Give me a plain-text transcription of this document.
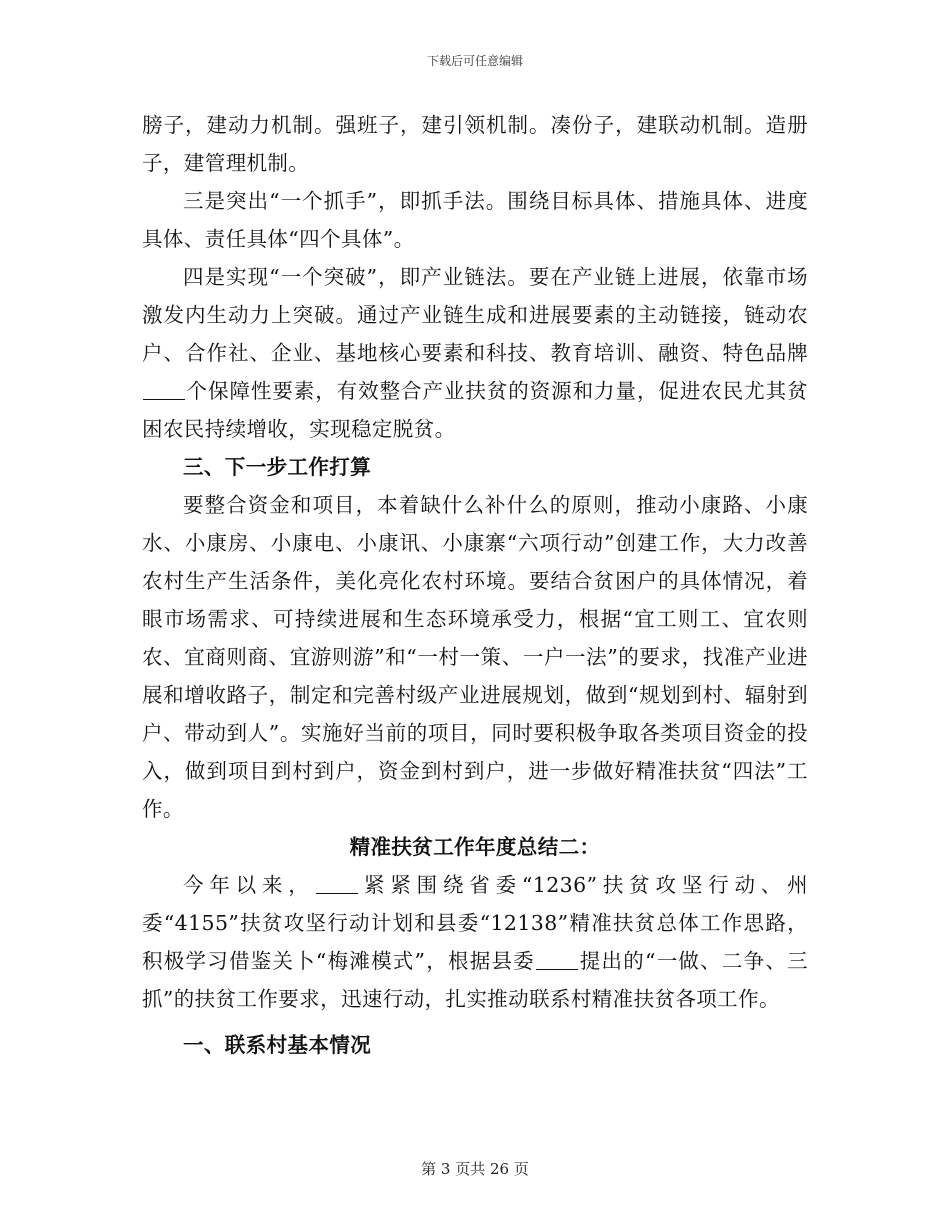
下载后可任意编辑

膀子，建动力机制。强班子，建引领机制。凑份子，建联动机制。造册子，建管理机制。

三是突出“一个抓手”，即抓手法。围绕目标具体、措施具体、进度具体、责任具体“四个具体”。

四是实现“一个突破”，即产业链法。要在产业链上进展，依靠市场激发内生动力上突破。通过产业链生成和进展要素的主动链接，链动农户、合作社、企业、基地核心要素和科技、教育培训、融资、特色品牌个保障性要素，有效整合产业扶贫的资源和力量，促进农民尤其贫困农民持续增收，实现稳定脱贫。

三、下一步工作打算

要整合资金和项目，本着缺什么补什么的原则，推动小康路、小康水、小康房、小康电、小康讯、小康寨“六项行动”创建工作，大力改善农村生产生活条件，美化亮化农村环境。要结合贫困户的具体情况，着眼市场需求、可持续进展和生态环境承受力，根据“宜工则工、宜农则农、宜商则商、宜游则游”和“一村一策、一户一法”的要求，找准产业进展和增收路子，制定和完善村级产业进展规划，做到“规划到村、辐射到户、带动到人”。实施好当前的项目，同时要积极争取各类项目资金的投入，做到项目到村到户，资金到村到户，进一步做好精准扶贫“四法”工作。

精准扶贫工作年度总结二：

今年以来， 紧紧围绕省委“1236”扶贫攻坚行动、州委“4155”扶贫攻坚行动计划和县委“12138”精准扶贫总体工作思路，积极学习借鉴关卜“梅滩模式”，根据县委 提出的“一做、二争、三抓”的扶贫工作要求，迅速行动，扎实推动联系村精准扶贫各项工作。

一、联系村基本情况

第 3 页共 26 页
